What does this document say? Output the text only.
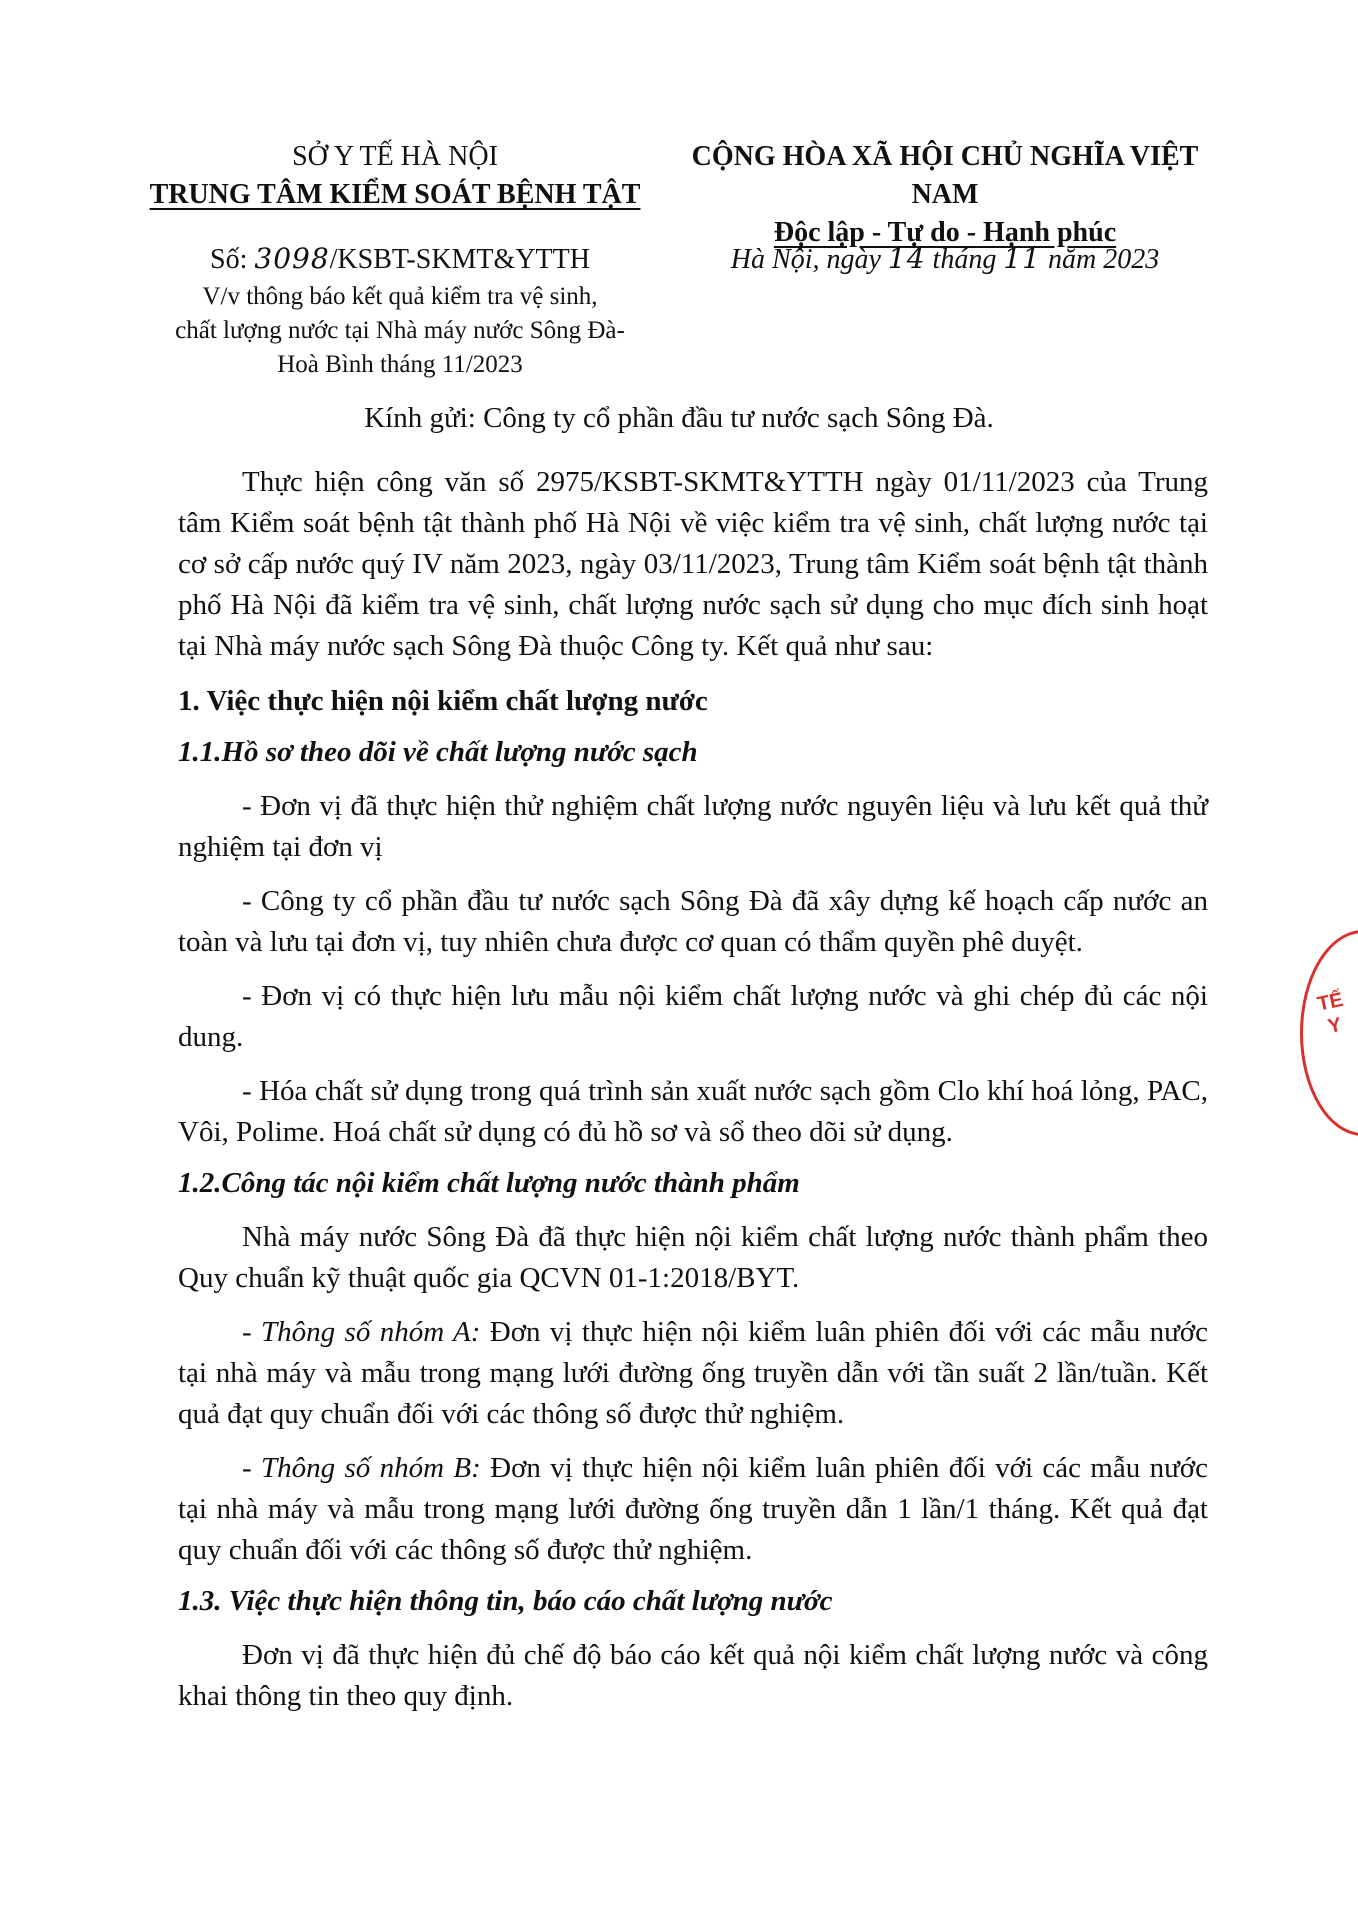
SỞ Y TẾ HÀ NỘI
TRUNG TÂM KIỂM SOÁT BỆNH TẬT
CỘNG HÒA XÃ HỘI CHỦ NGHĨA VIỆT NAM
Độc lập - Tự do - Hạnh phúc
Số: 3098/KSBT-SKMT&YTTH
V/v thông báo kết quả kiểm tra vệ sinh,
chất lượng nước tại Nhà máy nước Sông Đà-
Hoà Bình tháng 11/2023
Hà Nội, ngày 14 tháng 11 năm 2023
Kính gửi: Công ty cổ phần đầu tư nước sạch Sông Đà.

Thực hiện công văn số 2975/KSBT-SKMT&YTTH ngày 01/11/2023 của Trung tâm Kiểm soát bệnh tật thành phố Hà Nội về việc kiểm tra vệ sinh, chất lượng nước tại cơ sở cấp nước quý IV năm 2023, ngày 03/11/2023, Trung tâm Kiểm soát bệnh tật thành phố Hà Nội đã kiểm tra vệ sinh, chất lượng nước sạch sử dụng cho mục đích sinh hoạt tại Nhà máy nước sạch Sông Đà thuộc Công ty. Kết quả như sau:

1. Việc thực hiện nội kiểm chất lượng nước

1.1.Hồ sơ theo dõi về chất lượng nước sạch

- Đơn vị đã thực hiện thử nghiệm chất lượng nước nguyên liệu và lưu kết quả thử nghiệm tại đơn vị

- Công ty cổ phần đầu tư nước sạch Sông Đà đã xây dựng kế hoạch cấp nước an toàn và lưu tại đơn vị, tuy nhiên chưa được cơ quan có thẩm quyền phê duyệt.

- Đơn vị có thực hiện lưu mẫu nội kiểm chất lượng nước và ghi chép đủ các nội dung.

- Hóa chất sử dụng trong quá trình sản xuất nước sạch gồm Clo khí hoá lỏng, PAC, Vôi, Polime. Hoá chất sử dụng có đủ hồ sơ và sổ theo dõi sử dụng.

1.2.Công tác nội kiểm chất lượng nước thành phẩm

Nhà máy nước Sông Đà đã thực hiện nội kiểm chất lượng nước thành phẩm theo Quy chuẩn kỹ thuật quốc gia QCVN 01-1:2018/BYT.

- Thông số nhóm A: Đơn vị thực hiện nội kiểm luân phiên đối với các mẫu nước tại nhà máy và mẫu trong mạng lưới đường ống truyền dẫn với tần suất 2 lần/tuần. Kết quả đạt quy chuẩn đối với các thông số được thử nghiệm.

- Thông số nhóm B: Đơn vị thực hiện nội kiểm luân phiên đối với các mẫu nước tại nhà máy và mẫu trong mạng lưới đường ống truyền dẫn 1 lần/1 tháng. Kết quả đạt quy chuẩn đối với các thông số được thử nghiệm.

1.3. Việc thực hiện thông tin, báo cáo chất lượng nước

Đơn vị đã thực hiện đủ chế độ báo cáo kết quả nội kiểm chất lượng nước và công khai thông tin theo quy định.

TẾ
Y
